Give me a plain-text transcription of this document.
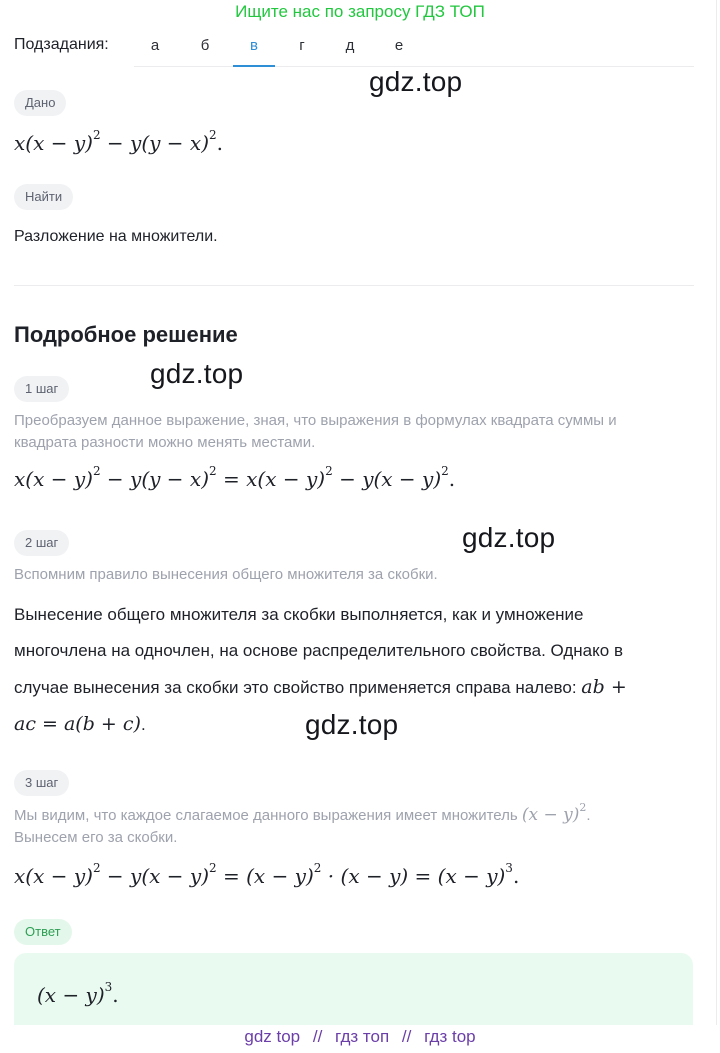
Ищите нас по запросу ГДЗ ТОП
Подзадания:	а	б	в	г	д	е
gdz.top
gdz.top
gdz.top
gdz.top
Дано
$x(x - y)^2 - y(y - x)^2$.
Найти
Разложение на множители.
Подробное решение
1 шаг
Преобразуем данное выражение, зная, что выражения в формулах квадрата суммы и
квадрата разности можно менять местами.
$x(x - y)^2 - y(y - x)^2 = x(x - y)^2 - y(x - y)^2$.
2 шаг
Вспомним правило вынесения общего множителя за скобки.
Вынесение общего множителя за скобки выполняется, как и умножение
многочлена на одночлен, на основе распределительного свойства. Однако в
случае вынесения за скобки это свойство применяется справа налево: ab +
ac = a(b + c).
3 шаг
Мы видим, что каждое слагаемое данного выражения имеет множитель $(x - y)^2$.
Вынесем его за скобки.
$x(x - y)^2 - y(x - y)^2 = (x - y)^2 \cdot (x - y) = (x - y)^3$.
Ответ
$(x - y)^3$.
gdz top // гдз топ // гдз top
